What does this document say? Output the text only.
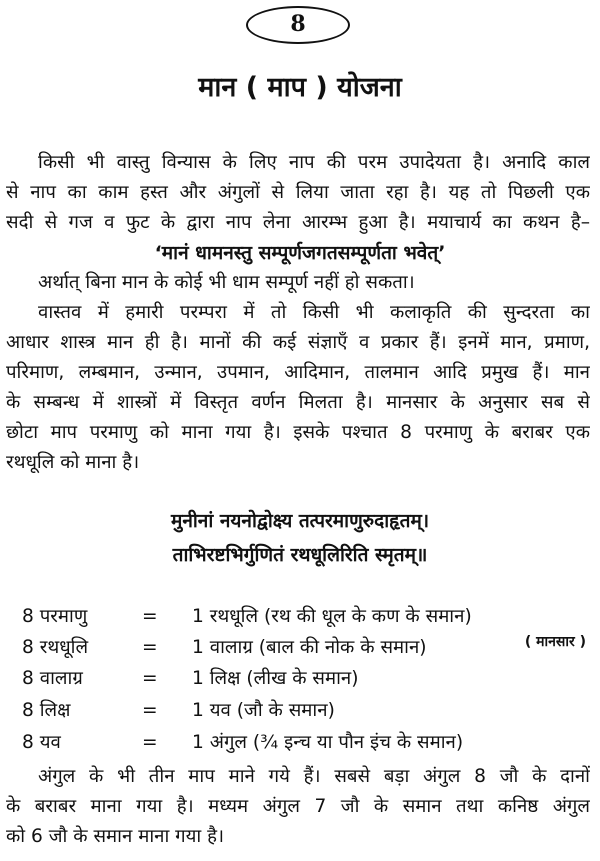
8
मान ( माप ) योजना
किसी भी वास्तु विन्यास के लिए नाप की परम उपादेयता है। अनादि काल
से नाप का काम हस्त और अंगुलों से लिया जाता रहा है। यह तो पिछली एक
सदी से गज व फुट के द्वारा नाप लेना आरम्भ हुआ है। मयाचार्य का कथन है–
‘मानं धामनस्तु सम्पूर्णजगतसम्पूर्णता भवेत्’
अर्थात् बिना मान के कोई भी धाम सम्पूर्ण नहीं हो सकता।
वास्तव में हमारी परम्परा में तो किसी भी कलाकृति की सुन्दरता का
आधार शास्त्र मान ही है। मानों की कई संज्ञाएँ व प्रकार हैं। इनमें मान, प्रमाण,
परिमाण, लम्बमान, उन्मान, उपमान, आदिमान, तालमान आदि प्रमुख हैं। मान
के सम्बन्ध में शास्त्रों में विस्तृत वर्णन मिलता है। मानसार के अनुसार सब से
छोटा माप परमाणु को माना गया है। इसके पश्चात 8 परमाणु के बराबर एक
रथधूलि को माना है।
मुनीनां नयनोद्वोक्ष्य तत्परमाणुरुदाहृतम्।
ताभिरष्टभिर्गुणितं रथधूलिरिति स्मृतम्॥
( मानसार )
8 परमाणु	= 1 रथधूलि (रथ की धूल के कण के समान)
8 रथधूलि	= 1 वालाग्र (बाल की नोक के समान)
8 वालाग्र	= 1 लिक्ष (लीख के समान)
8 लिक्ष	= 1 यव (जौ के समान)
8 यव	= 1 अंगुल (¾ इन्च या पौन इंच के समान)
अंगुल के भी तीन माप माने गये हैं। सबसे बड़ा अंगुल 8 जौ के दानों
के बराबर माना गया है। मध्यम अंगुल 7 जौ के समान तथा कनिष्ठ अंगुल
को 6 जौ के समान माना गया है।
